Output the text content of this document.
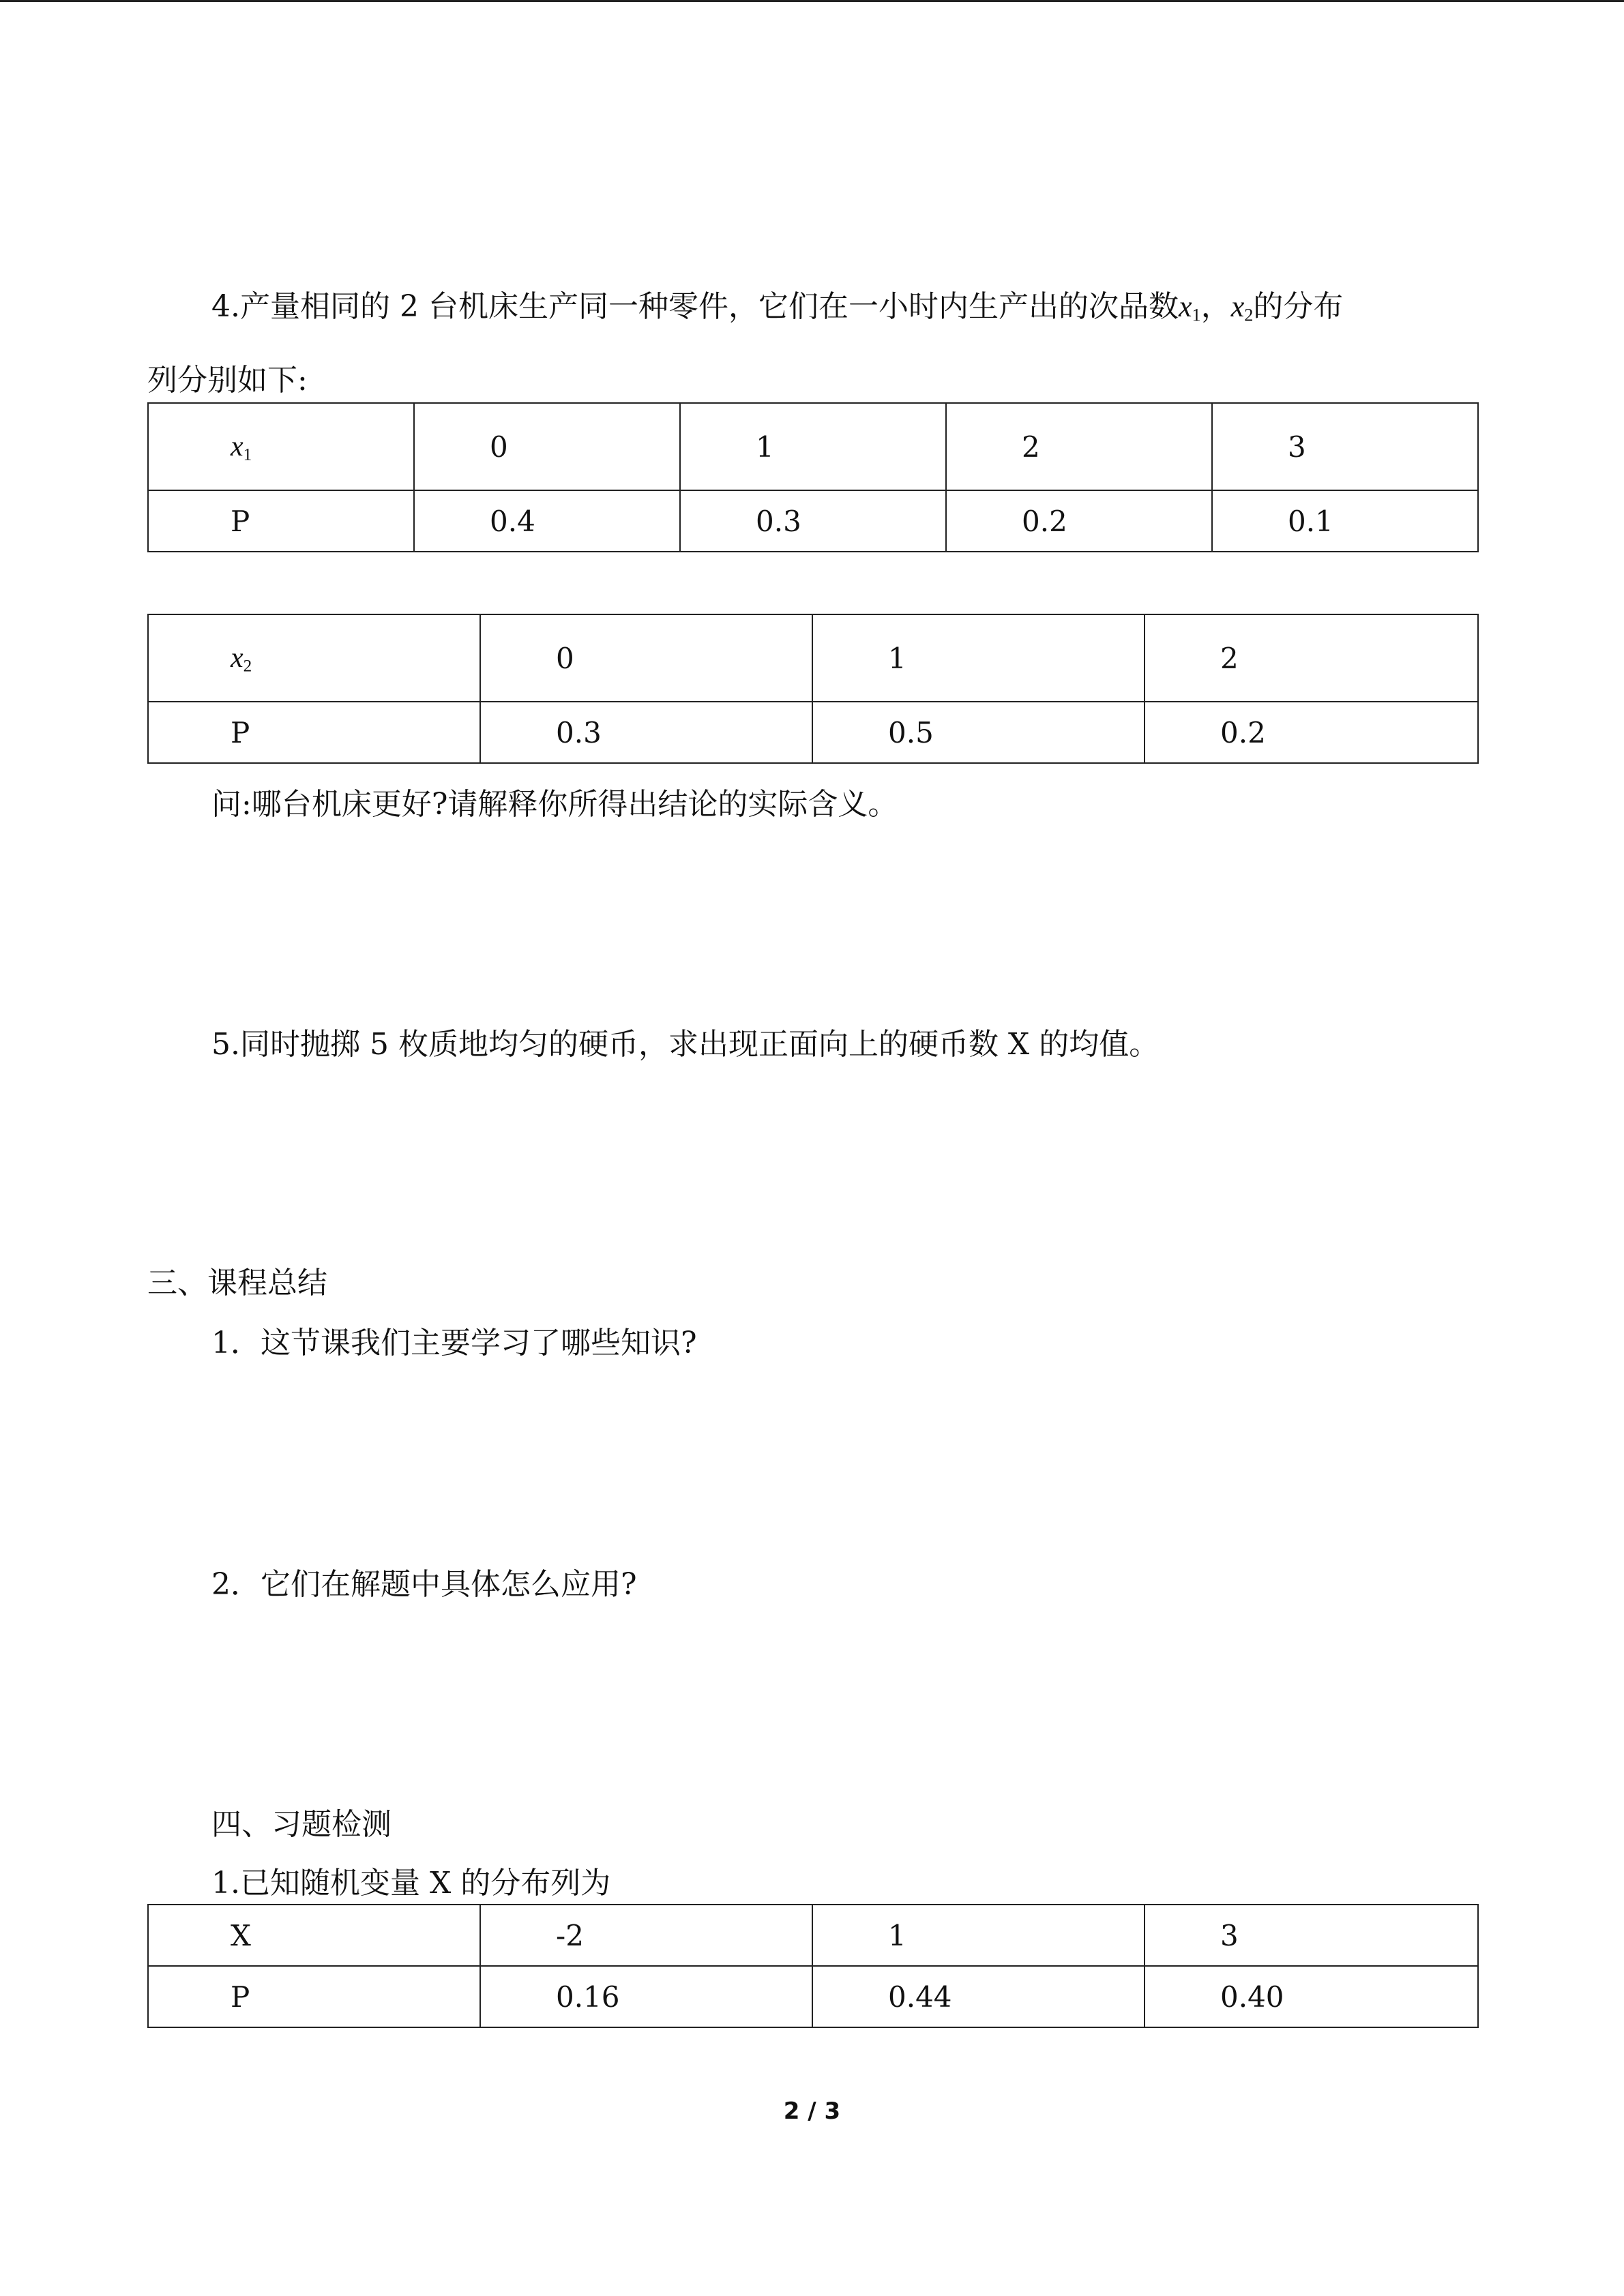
4.产量相同的 2 台机床生产同一种零件，它们在一小时内生产出的次品数$x_1$，$x_2$的分布
列分别如下:
$x_1$	0	1	2	3
P	0.4	0.3	0.2	0.1
$x_2$	0	1	2
P	0.3	0.5	0.2
问:哪台机床更好?请解释你所得出结论的实际含义。
5.同时抛掷 5 枚质地均匀的硬币，求出现正面向上的硬币数 X 的均值。
三、课程总结
1．这节课我们主要学习了哪些知识?
2．它们在解题中具体怎么应用?
四、习题检测
1.已知随机变量 X 的分布列为
X	-2	1	3
P	0.16	0.44	0.40
2 / 3
